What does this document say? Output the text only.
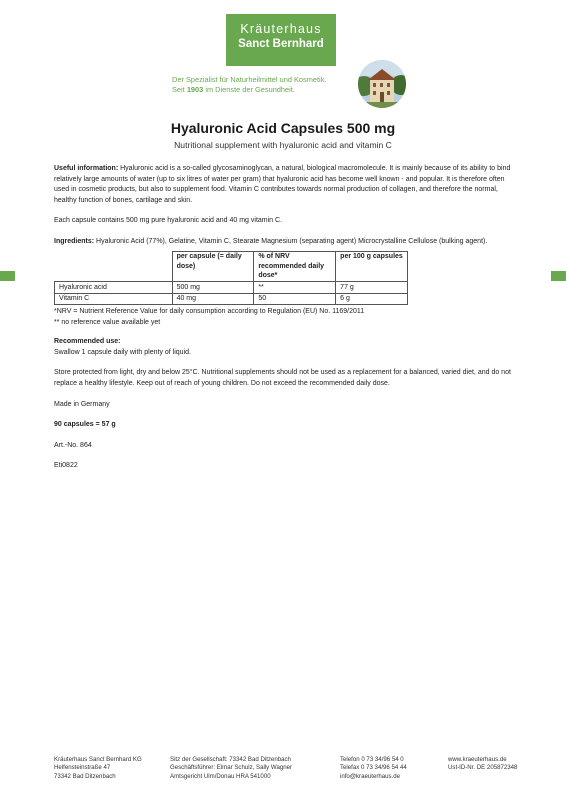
Kräuterhaus
Sanct Bernhard
Der Spezialist für Naturheilmittel und Kosmetik.
Seit 1903 im Dienste der Gesundheit.
Hyaluronic Acid Capsules 500 mg
Nutritional supplement with hyaluronic acid and vitamin C

Useful information: Hyaluronic acid is a so-called glycosaminoglycan, a natural, biological macromolecule. It is mainly because of its ability to bind relatively large amounts of water (up to six litres of water per gram) that hyaluronic acid has become well known - and popular. It is therefore often used in cosmetic products, but also to supplement food. Vitamin C contributes towards normal production of collagen, and therefore the normal, healthy function of bones, cartilage and skin.

Each capsule contains 500 mg pure hyaluronic acid and 40 mg vitamin C.

Ingredients: Hyaluronic Acid (77%), Gelatine, Vitamin C, Stearate Magnesium (separating agent) Microcrystalline Cellulose (bulking agent).

	per capsule (= daily dose)	% of NRV recommended daily dose*	per 100 g capsules
Hyaluronic acid	500 mg	**	77 g
Vitamin C	40 mg	50	6 g
*NRV = Nutrient Reference Value for daily consumption according to Regulation (EU) No. 1169/2011
** no reference value available yet

Recommended use:
Swallow 1 capsule daily with plenty of liquid.

Store protected from light, dry and below 25°C. Nutritional supplements should not be used as a replacement for a balanced, varied diet, and do not replace a healthy lifestyle. Keep out of reach of young children. Do not exceed the recommended daily dose.

Made in Germany

90 capsules = 57 g

Art.-No. 864

Eti0822

Kräuterhaus Sanct Bernhard KG
Helfensteinstraße 47
73342 Bad Ditzenbach
Sitz der Gesellschaft: 73342 Bad Ditzenbach
Geschäftsführer: Elmar Schulz, Sally Wagner
Amtsgericht Ulm/Donau HRA 541000
Telefon 0 73 34/96 54 0
Telefax 0 73 34/96 54 44
info@kraeuterhaus.de
www.kraeuterhaus.de
Ust-ID-Nr. DE 205872348
